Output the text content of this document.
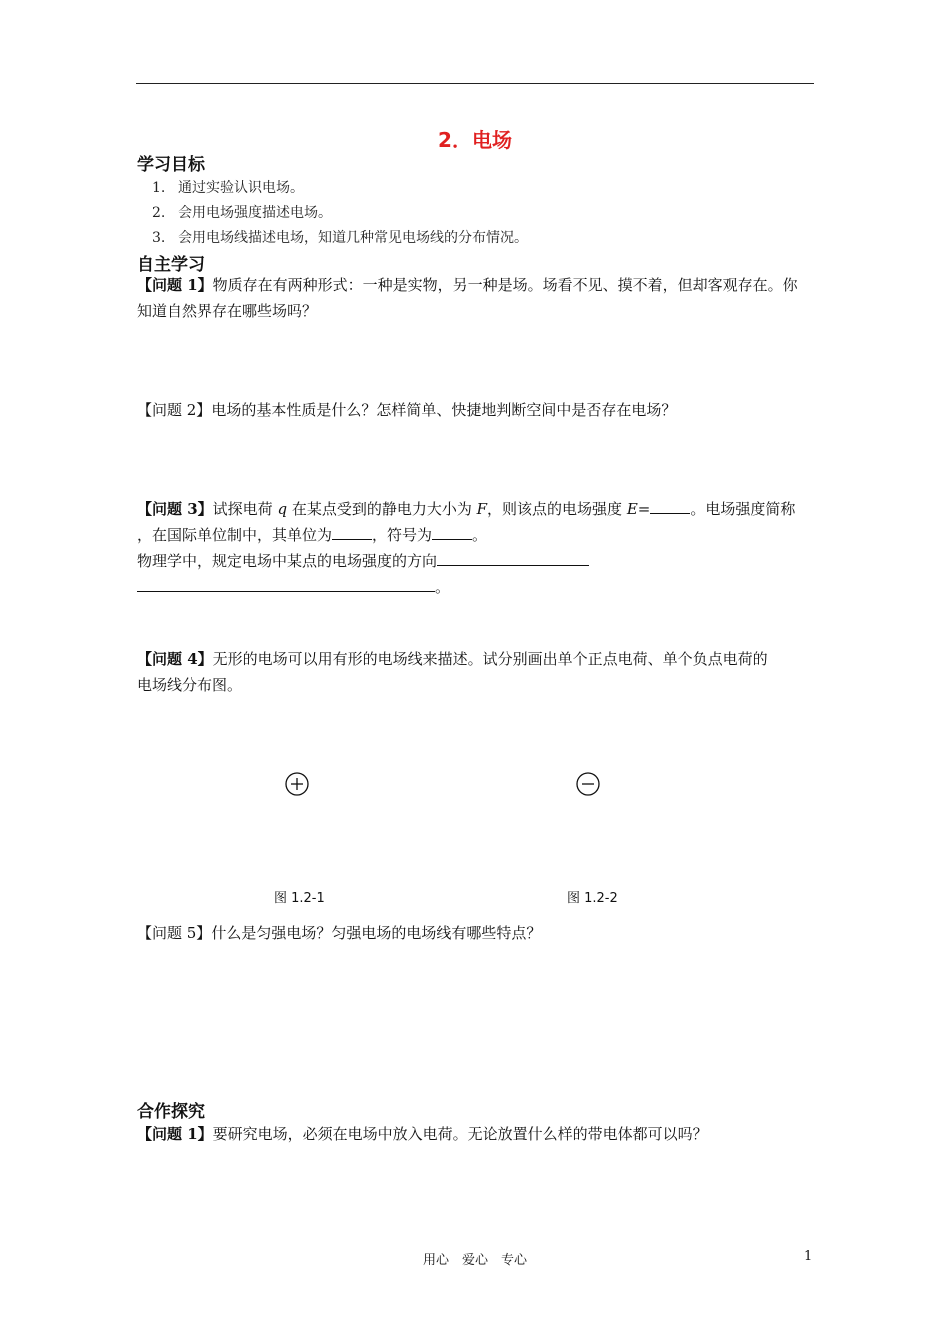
2．电场
学习目标
1. 通过实验认识电场。
2. 会用电场强度描述电场。
3. 会用电场线描述电场，知道几种常见电场线的分布情况。
自主学习
【问题 1】物质存在有两种形式：一种是实物，另一种是场。场看不见、摸不着，但却客观存在。你
知道自然界存在哪些场吗？
【问题 2】电场的基本性质是什么？怎样简单、快捷地判断空间中是否存在电场？
【问题 3】试探电荷 q 在某点受到的静电力大小为 F，则该点的电场强度 E=	。电场强度简称
，在国际单位制中，其单位为	，符号为	。
物理学中，规定电场中某点的电场强度的方向
。
【问题 4】无形的电场可以用有形的电场线来描述。试分别画出单个正点电荷、单个负点电荷的
电场线分布图。
图 1.2-1	图 1.2-2
【问题 5】什么是匀强电场？匀强电场的电场线有哪些特点？
合作探究
【问题 1】要研究电场，必须在电场中放入电荷。无论放置什么样的带电体都可以吗？
用心　爱心　专心	1
